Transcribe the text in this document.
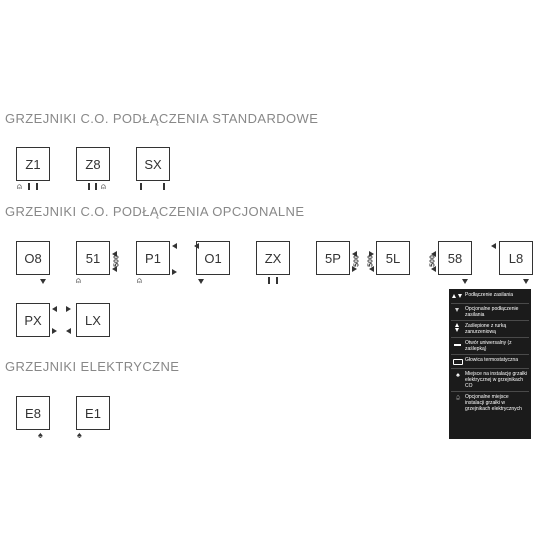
GRZEJNIKI C.O. PODŁĄCZENIA STANDARDOWE
Z1
⍝
Z8
⍝
SX
GRZEJNIKI C.O. PODŁĄCZENIA OPCJONALNE
O8	51	500
⍝
P1
⍝
O1	ZX	5P	500	5L
500	58
500	L8
PX	LX
GRZEJNIKI ELEKTRYCZNE
E8
♠
E1
♠
Podłączenie zasilania
Opcjonalne podłączenie zasilania
Zaślepione z rurką zanurzeniową
Otwór uniwersalny (z zaślepką)
Głowica termostatyczna
♠	Miejsce na instalację grzałki elektrycznej w grzejnikach CO
♤ Opcjonalne miejsce instalacji grzałki w grzejnikach elektrycznych
